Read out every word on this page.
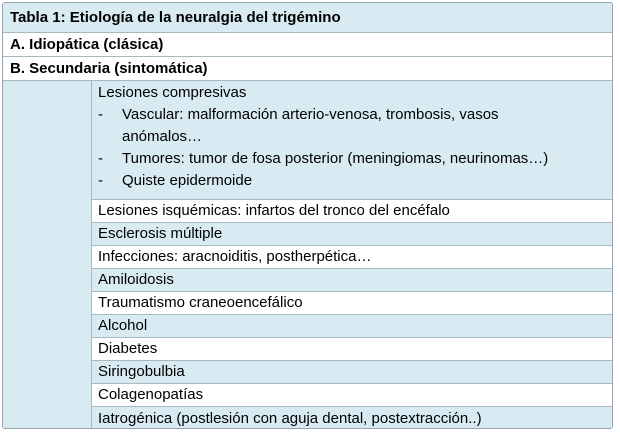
Tabla 1: Etiología de la neuralgia del trigémino
A. Idiopática (clásica)
B. Secundaria (sintomática)
Lesiones compresivas
-	Vascular: malformación arterio-venosa, trombosis, vasos
anómalos…
-	Tumores: tumor de fosa posterior (meningiomas, neurinomas…)
-	Quiste epidermoide
Lesiones isquémicas: infartos del tronco del encéfalo
Esclerosis múltiple
Infecciones: aracnoiditis, postherpética…
Amiloidosis
Traumatismo craneoencefálico
Alcohol
Diabetes
Siringobulbia
Colagenopatías
Iatrogénica (postlesión con aguja dental, postextracción..)
